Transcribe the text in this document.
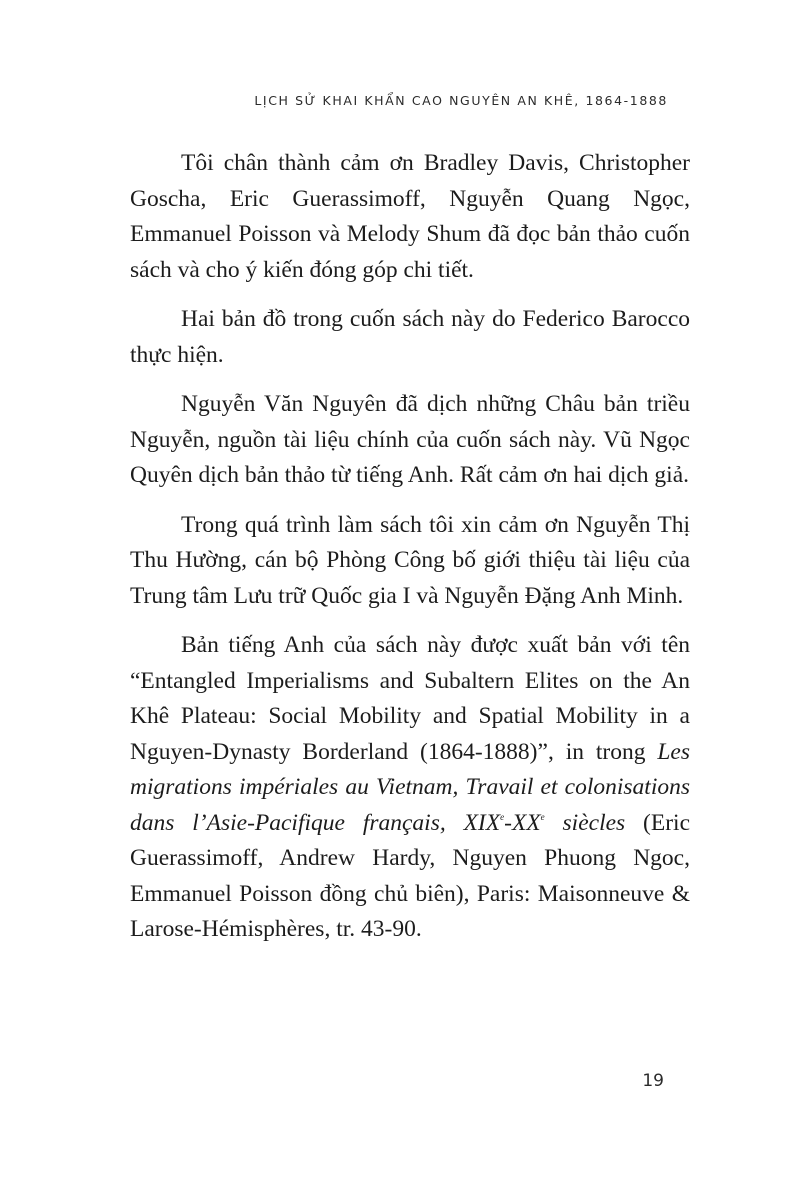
LỊCH SỬ KHAI KHẨN CAO NGUYÊN AN KHÊ, 1864-1888

Tôi chân thành cảm ơn Bradley Davis, Christopher Goscha, Eric Guerassimoff, Nguyễn Quang Ngọc, Emmanuel Poisson và Melody Shum đã đọc bản thảo cuốn sách và cho ý kiến đóng góp chi tiết.

Hai bản đồ trong cuốn sách này do Federico Barocco thực hiện.

Nguyễn Văn Nguyên đã dịch những Châu bản triều Nguyễn, nguồn tài liệu chính của cuốn sách này. Vũ Ngọc Quyên dịch bản thảo từ tiếng Anh. Rất cảm ơn hai dịch giả.

Trong quá trình làm sách tôi xin cảm ơn Nguyễn Thị Thu Hường, cán bộ Phòng Công bố giới thiệu tài liệu của Trung tâm Lưu trữ Quốc gia I và Nguyễn Đặng Anh Minh.

Bản tiếng Anh của sách này được xuất bản với tên “Entangled Imperialisms and Subaltern Elites on the An Khê Plateau: Social Mobility and Spatial Mobility in a Nguyen-Dynasty Borderland (1864-1888)”, in trong Les migrations impériales au Vietnam, Travail et colonisations dans l’Asie-Pacifique français, XIXe-XXe siècles (Eric Guerassimoff, Andrew Hardy, Nguyen Phuong Ngoc, Emmanuel Poisson đồng chủ biên), Paris: Maisonneuve & Larose-Hémisphères, tr. 43-90.

19
